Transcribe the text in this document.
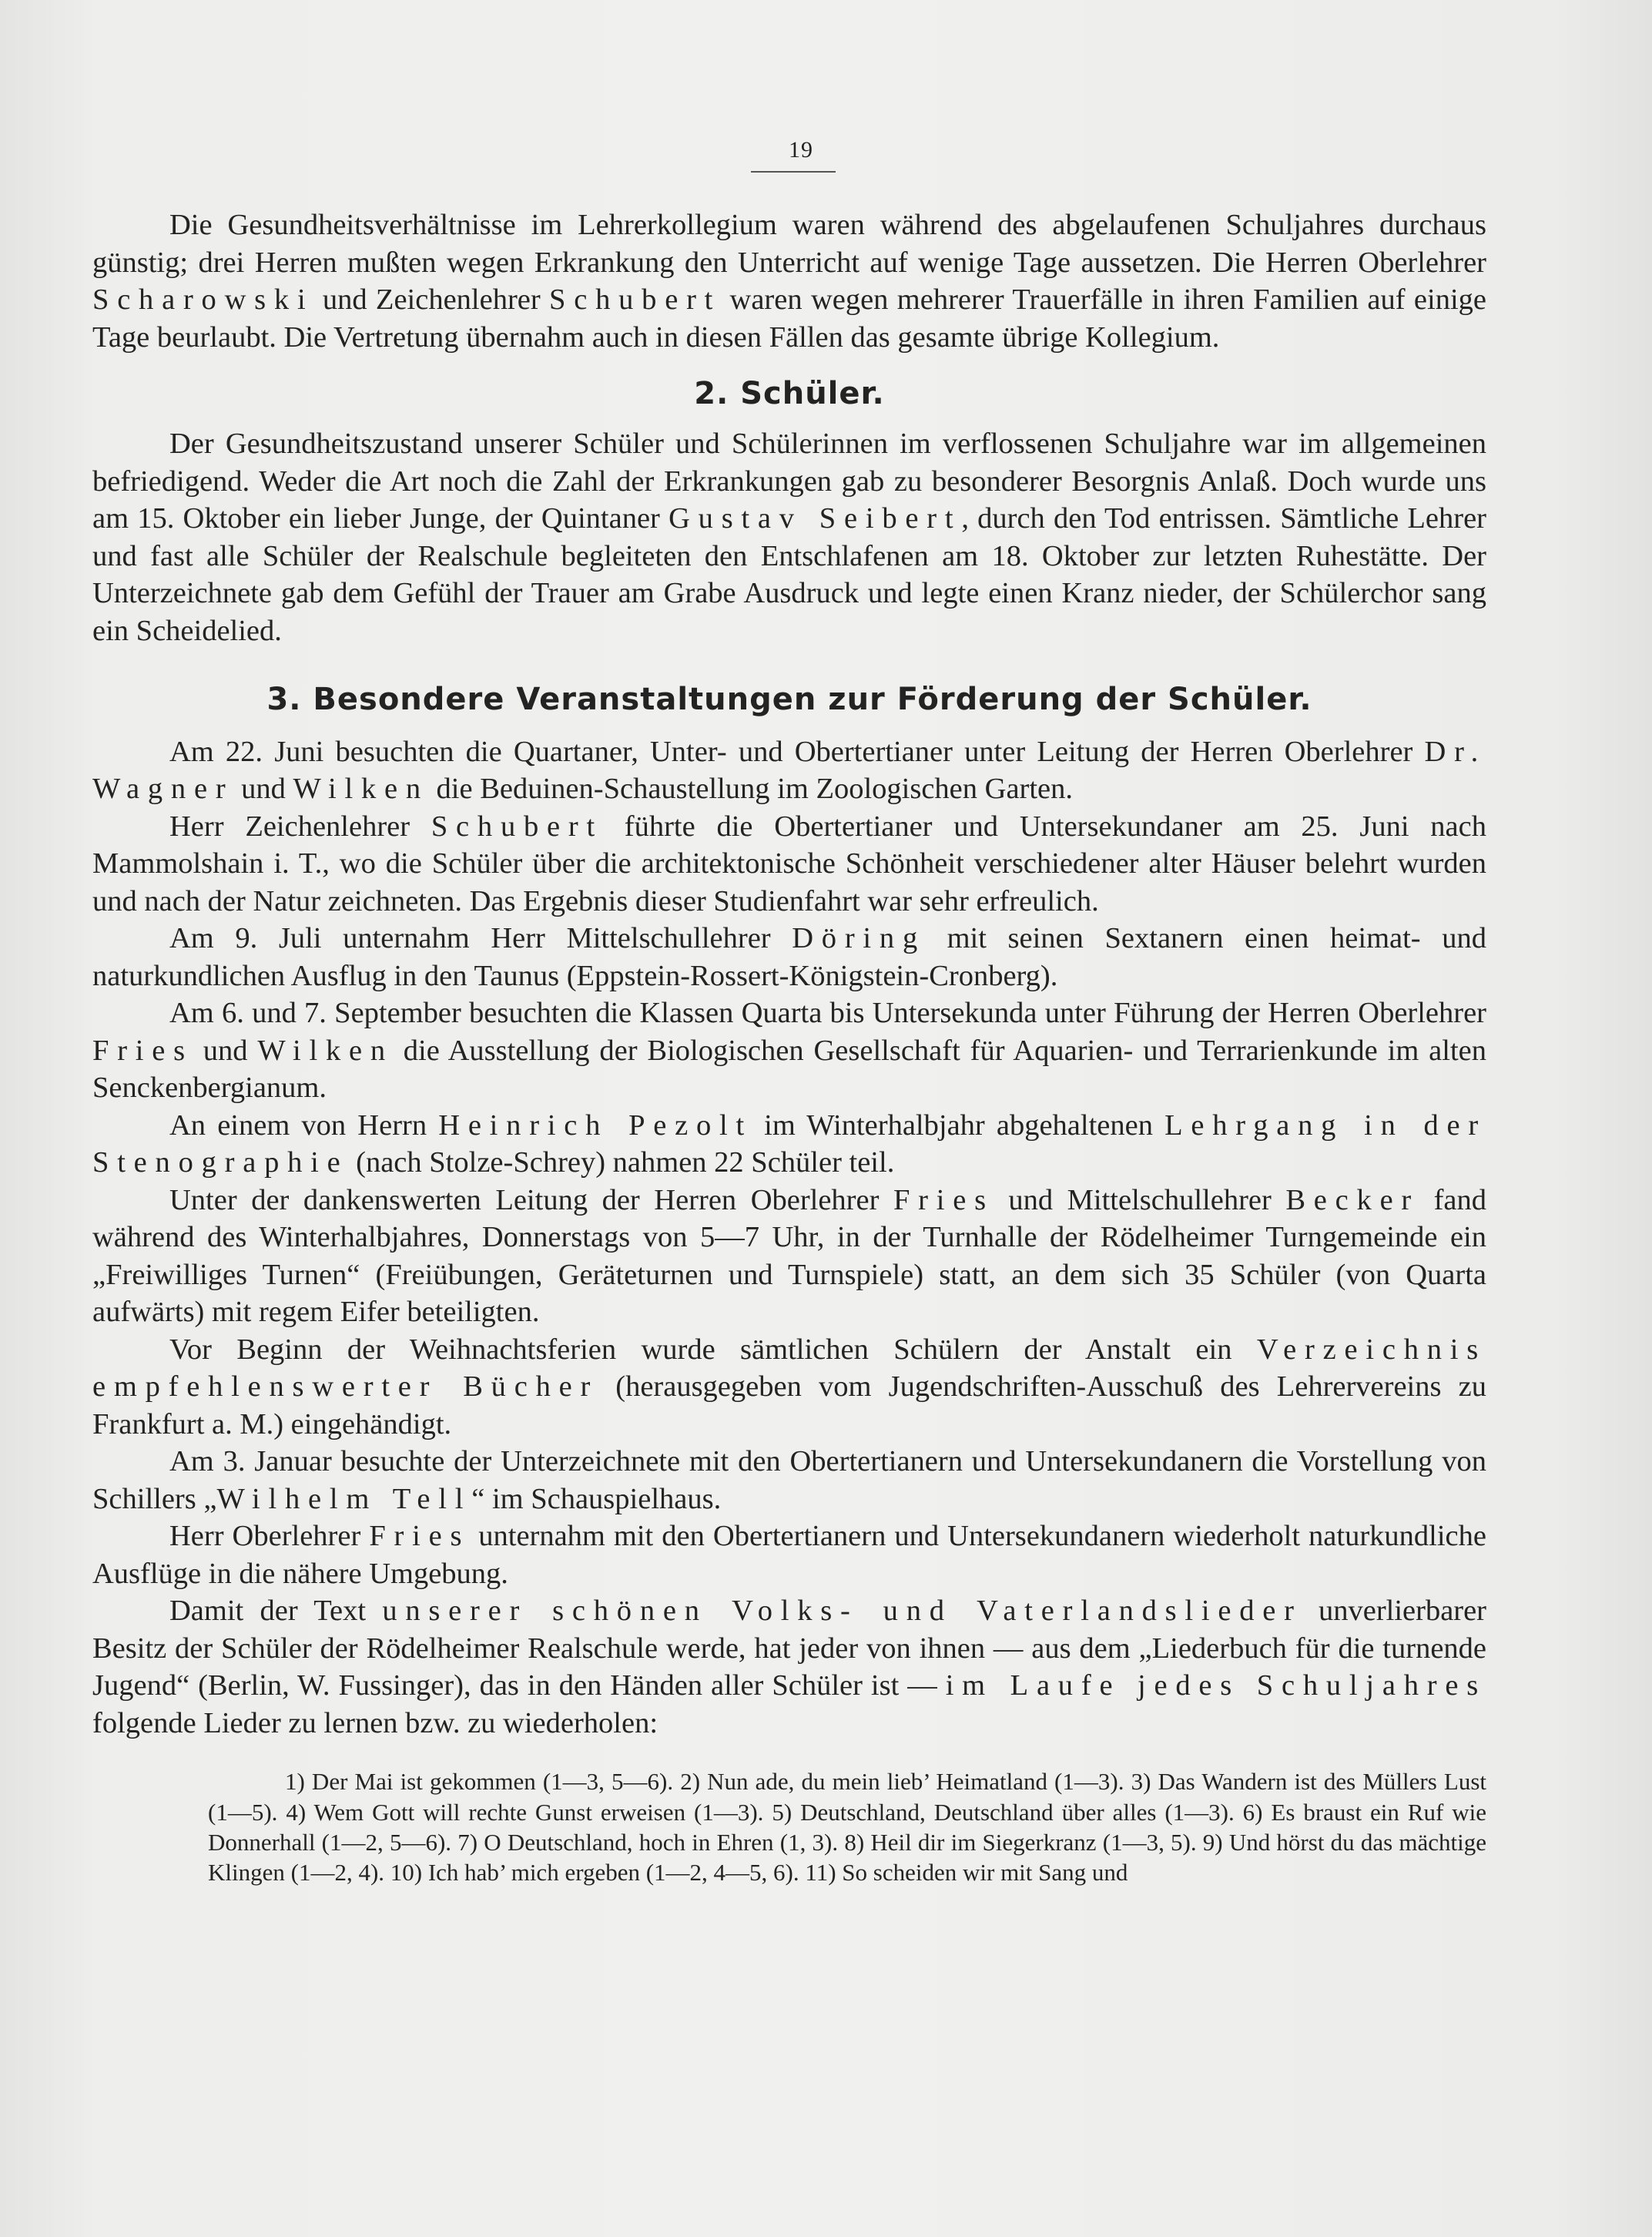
19

Die Gesundheitsverhältnisse im Lehrerkollegium waren während des abgelaufenen Schuljahres durchaus günstig; drei Herren mußten wegen Erkrankung den Unterricht auf wenige Tage aussetzen. Die Herren Oberlehrer Scharowski und Zeichenlehrer Schubert waren wegen mehrerer Trauerfälle in ihren Familien auf einige Tage beurlaubt. Die Vertretung übernahm auch in diesen Fällen das gesamte übrige Kollegium.

2. Schüler.

Der Gesundheitszustand unserer Schüler und Schülerinnen im verflossenen Schuljahre war im allgemeinen befriedigend. Weder die Art noch die Zahl der Erkrankungen gab zu besonderer Besorgnis Anlaß. Doch wurde uns am 15. Oktober ein lieber Junge, der Quintaner Gustav Seibert, durch den Tod entrissen. Sämtliche Lehrer und fast alle Schüler der Realschule begleiteten den Entschlafenen am 18. Oktober zur letzten Ruhestätte. Der Unterzeichnete gab dem Gefühl der Trauer am Grabe Ausdruck und legte einen Kranz nieder, der Schülerchor sang ein Scheidelied.

3. Besondere Veranstaltungen zur Förderung der Schüler.

Am 22. Juni besuchten die Quartaner, Unter- und Obertertianer unter Leitung der Herren Oberlehrer Dr. Wagner und Wilken die Beduinen-Schaustellung im Zoologischen Garten.

Herr Zeichenlehrer Schubert führte die Obertertianer und Untersekundaner am 25. Juni nach Mammolshain i. T., wo die Schüler über die architektonische Schönheit verschiedener alter Häuser belehrt wurden und nach der Natur zeichneten. Das Ergebnis dieser Studienfahrt war sehr erfreulich.

Am 9. Juli unternahm Herr Mittelschullehrer Döring mit seinen Sextanern einen heimat- und naturkundlichen Ausflug in den Taunus (Eppstein-Rossert-Königstein-Cronberg).

Am 6. und 7. September besuchten die Klassen Quarta bis Untersekunda unter Führung der Herren Oberlehrer Fries und Wilken die Ausstellung der Biologischen Gesellschaft für Aquarien- und Terrarienkunde im alten Senckenbergianum.

An einem von Herrn Heinrich Pezolt im Winterhalbjahr abgehaltenen Lehrgang in der Stenographie (nach Stolze-Schrey) nahmen 22 Schüler teil.

Unter der dankenswerten Leitung der Herren Oberlehrer Fries und Mittelschullehrer Becker fand während des Winterhalbjahres, Donnerstags von 5—7 Uhr, in der Turnhalle der Rödelheimer Turngemeinde ein „Freiwilliges Turnen“ (Freiübungen, Geräteturnen und Turnspiele) statt, an dem sich 35 Schüler (von Quarta aufwärts) mit regem Eifer beteiligten.

Vor Beginn der Weihnachtsferien wurde sämtlichen Schülern der Anstalt ein Verzeichnis empfehlenswerter Bücher (herausgegeben vom Jugendschriften-Ausschuß des Lehrervereins zu Frankfurt a. M.) eingehändigt.

Am 3. Januar besuchte der Unterzeichnete mit den Obertertianern und Untersekundanern die Vorstellung von Schillers „Wilhelm Tell“ im Schauspielhaus.

Herr Oberlehrer Fries unternahm mit den Obertertianern und Untersekundanern wiederholt naturkundliche Ausflüge in die nähere Umgebung.

Damit der Text unserer schönen Volks- und Vaterlandslieder unverlierbarer Besitz der Schüler der Rödelheimer Realschule werde, hat jeder von ihnen — aus dem „Liederbuch für die turnende Jugend“ (Berlin, W. Fussinger), das in den Händen aller Schüler ist — im Laufe jedes Schuljahres folgende Lieder zu lernen bzw. zu wiederholen:

1) Der Mai ist gekommen (1—3, 5—6). 2) Nun ade, du mein lieb’ Heimatland (1—3). 3) Das Wandern ist des Müllers Lust (1—5). 4) Wem Gott will rechte Gunst erweisen (1—3). 5) Deutschland, Deutschland über alles (1—3). 6) Es braust ein Ruf wie Donnerhall (1—2, 5—6). 7) O Deutschland, hoch in Ehren (1, 3). 8) Heil dir im Siegerkranz (1—3, 5). 9) Und hörst du das mächtige Klingen (1—2, 4). 10) Ich hab’ mich ergeben (1—2, 4—5, 6). 11) So scheiden wir mit Sang und
